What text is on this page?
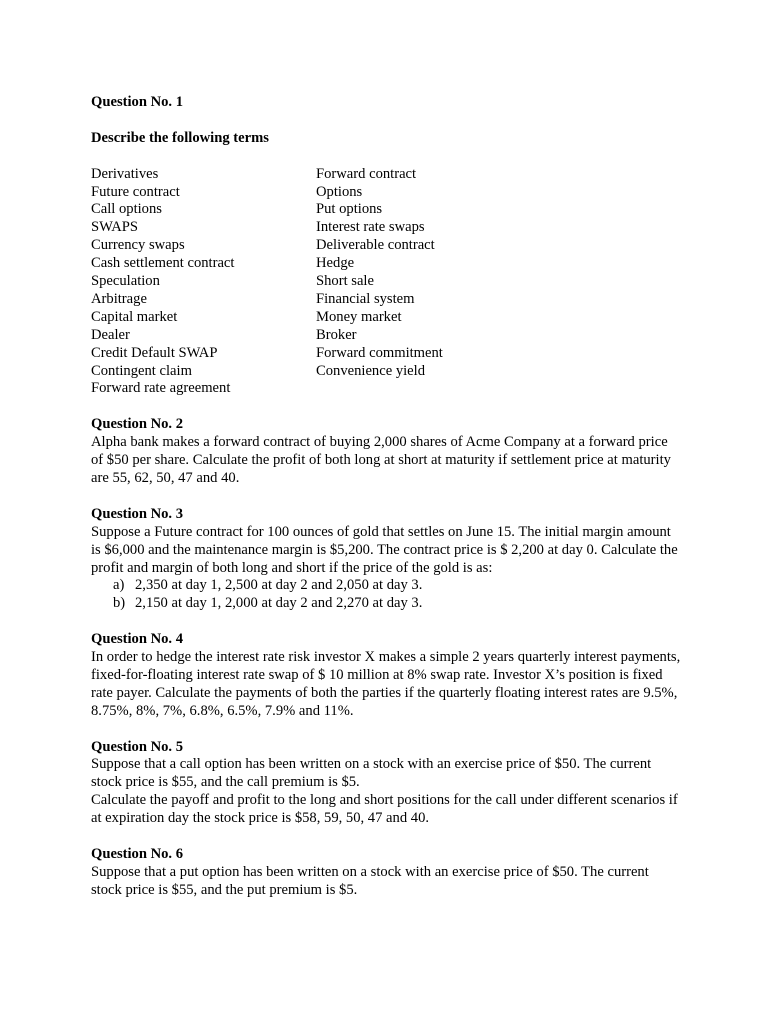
Question No. 1

Describe the following terms

Derivatives	Forward contract
Future contract	Options
Call options	Put options
SWAPS	Interest rate swaps
Currency swaps	Deliverable contract
Cash settlement contract	Hedge
Speculation	Short sale
Arbitrage	Financial system
Capital market	Money market
Dealer	Broker
Credit Default SWAP	Forward commitment
Contingent claim	Convenience yield
Forward rate agreement

Question No. 2

Alpha bank makes a forward contract of buying 2,000 shares of Acme Company at a forward price of $50 per share. Calculate the profit of both long at short at maturity if settlement price at maturity are 55, 62, 50, 47 and 40.

Question No. 3

Suppose a Future contract for 100 ounces of gold that settles on June 15. The initial margin amount is $6,000 and the maintenance margin is $5,200. The contract price is $ 2,200 at day 0. Calculate the profit and margin of both long and short if the price of the gold is as:

a) 2,350 at day 1, 2,500 at day 2 and 2,050 at day 3.
b) 2,150 at day 1, 2,000 at day 2 and 2,270 at day 3.

Question No. 4

In order to hedge the interest rate risk investor X makes a simple 2 years quarterly interest payments, fixed-for-floating interest rate swap of $ 10 million at 8% swap rate. Investor X’s position is fixed rate payer. Calculate the payments of both the parties if the quarterly floating interest rates are 9.5%, 8.75%, 8%, 7%, 6.8%, 6.5%, 7.9% and 11%.

Question No. 5

Suppose that a call option has been written on a stock with an exercise price of $50. The current stock price is $55, and the call premium is $5.

Calculate the payoff and profit to the long and short positions for the call under different scenarios if at expiration day the stock price is $58, 59, 50, 47 and 40.

Question No. 6

Suppose that a put option has been written on a stock with an exercise price of $50. The current stock price is $55, and the put premium is $5.
